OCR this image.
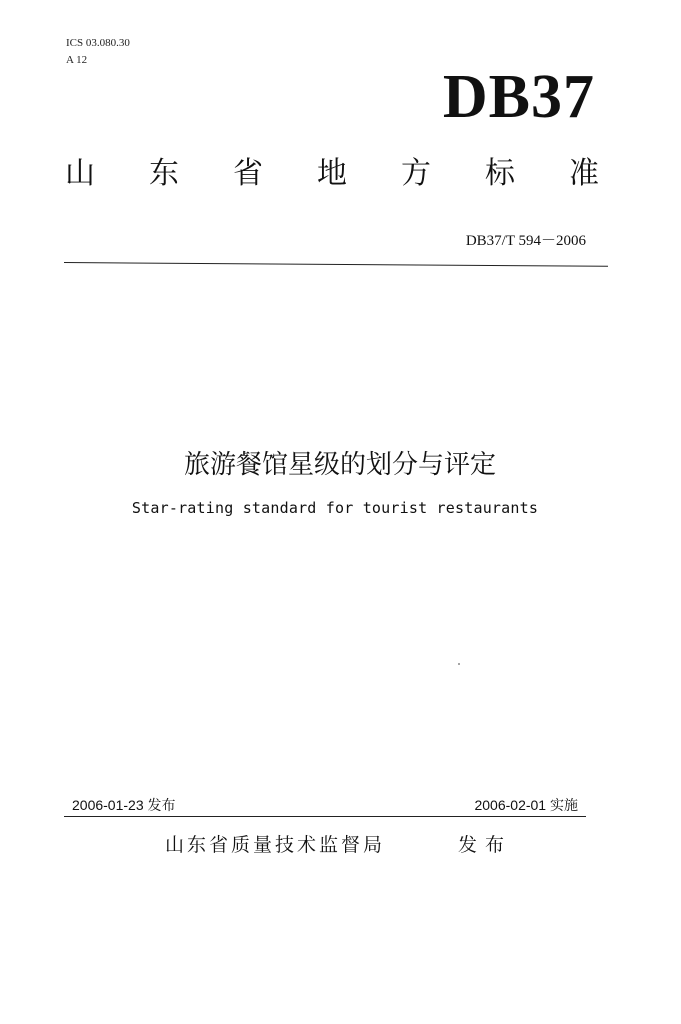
ICS 03.080.30
A 12
DB37
山 东 省 地 方 标 准
DB37/T 594－2006
旅游餐馆星级的划分与评定
Star-rating standard for tourist restaurants
2006-01-23 发布	2006-02-01 实施
山东省质量技术监督局	发布
